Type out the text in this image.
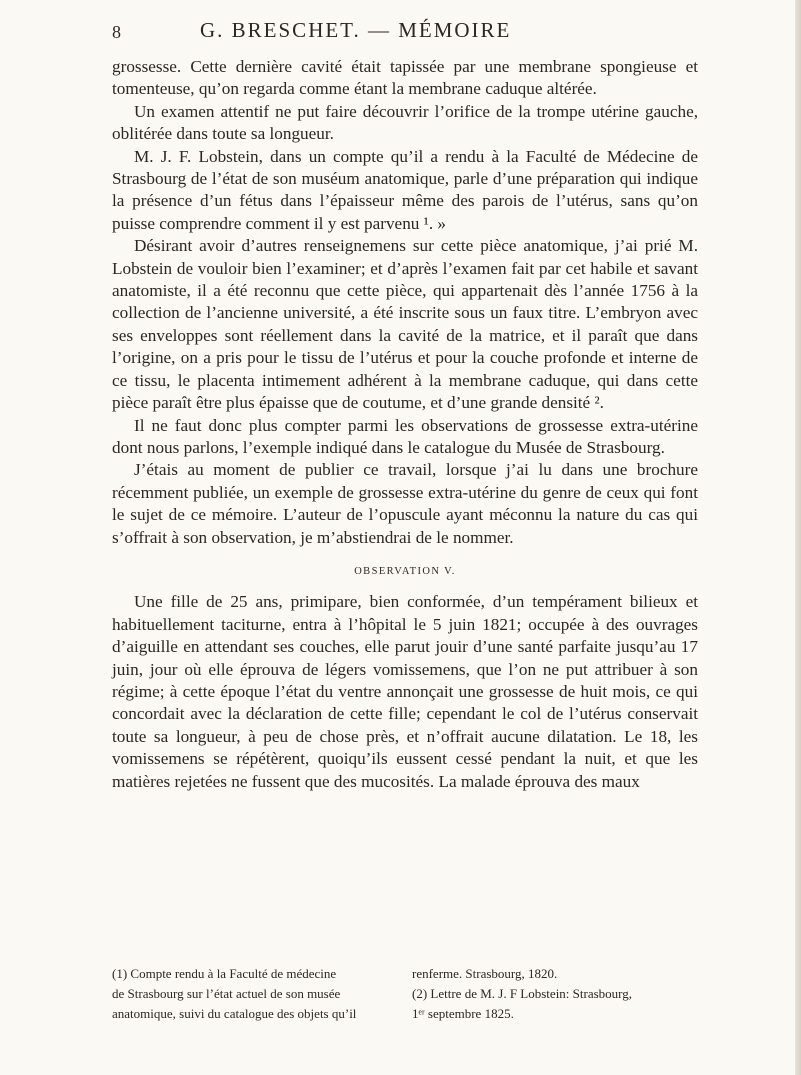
8	G. BRESCHET. — MÉMOIRE

grossesse. Cette dernière cavité était tapissée par une membrane spongieuse et tomenteuse, qu’on regarda comme étant la membrane caduque altérée.

Un examen attentif ne put faire découvrir l’orifice de la trompe utérine gauche, oblitérée dans toute sa longueur.

M. J. F. Lobstein, dans un compte qu’il a rendu à la Faculté de Médecine de Strasbourg de l’état de son muséum anatomique, parle d’une préparation qui indique la présence d’un fétus dans l’épaisseur même des parois de l’utérus, sans qu’on puisse comprendre comment il y est parvenu ¹. »

Désirant avoir d’autres renseignemens sur cette pièce anatomique, j’ai prié M. Lobstein de vouloir bien l’examiner; et d’après l’examen fait par cet habile et savant anatomiste, il a été reconnu que cette pièce, qui appartenait dès l’année 1756 à la collection de l’ancienne université, a été inscrite sous un faux titre. L’embryon avec ses enveloppes sont réellement dans la cavité de la matrice, et il paraît que dans l’origine, on a pris pour le tissu de l’utérus et pour la couche profonde et interne de ce tissu, le placenta intimement adhérent à la membrane caduque, qui dans cette pièce paraît être plus épaisse que de coutume, et d’une grande densité ².

Il ne faut donc plus compter parmi les observations de grossesse extra-utérine dont nous parlons, l’exemple indiqué dans le catalogue du Musée de Strasbourg.

J’étais au moment de publier ce travail, lorsque j’ai lu dans une brochure récemment publiée, un exemple de grossesse extra-utérine du genre de ceux qui font le sujet de ce mémoire. L’auteur de l’opuscule ayant méconnu la nature du cas qui s’offrait à son observation, je m’abstiendrai de le nommer.

OBSERVATION V.

Une fille de 25 ans, primipare, bien conformée, d’un tempérament bilieux et habituellement taciturne, entra à l’hôpital le 5 juin 1821; occupée à des ouvrages d’aiguille en attendant ses couches, elle parut jouir d’une santé parfaite jusqu’au 17 juin, jour où elle éprouva de légers vomissemens, que l’on ne put attribuer à son régime; à cette époque l’état du ventre annonçait une grossesse de huit mois, ce qui concordait avec la déclaration de cette fille; cependant le col de l’utérus conservait toute sa longueur, à peu de chose près, et n’offrait aucune dilatation. Le 18, les vomissemens se répétèrent, quoiqu’ils eussent cessé pendant la nuit, et que les matières rejetées ne fussent que des mucosités. La malade éprouva des maux

(1) Compte rendu à la Faculté de médecine
de Strasbourg sur l’état actuel de son musée
anatomique, suivi du catalogue des objets qu’il
renferme. Strasbourg, 1820.
(2) Lettre de M. J. F Lobstein: Strasbourg,
1ᵉʳ septembre 1825.
